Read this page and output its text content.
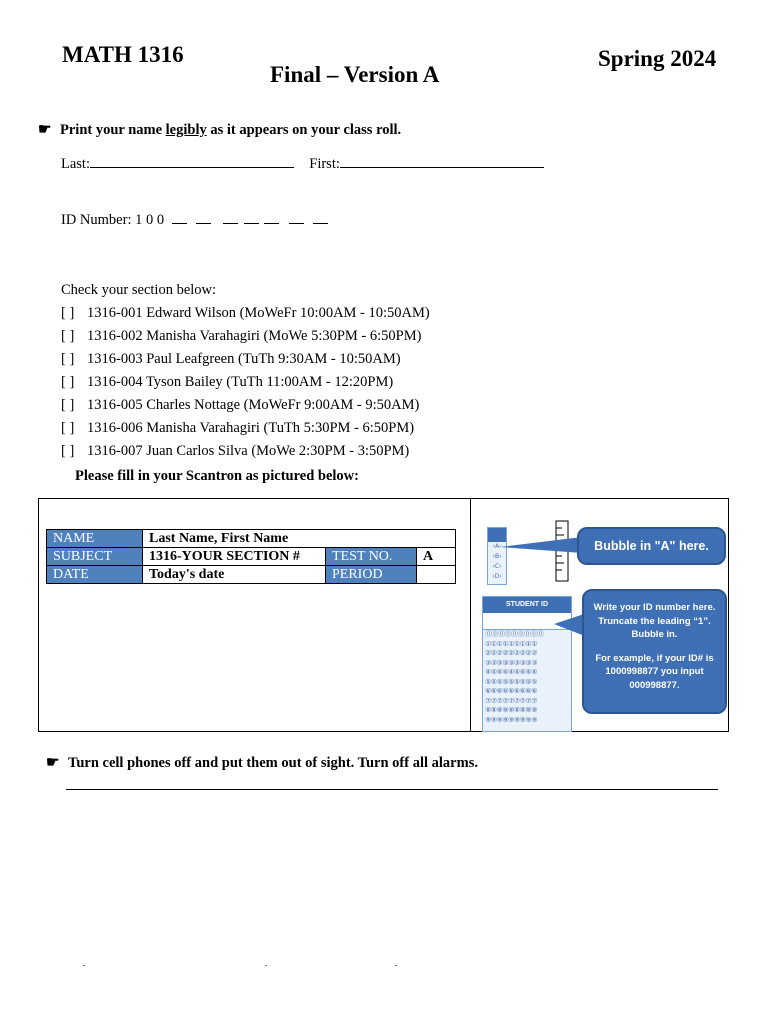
MATH 1316
Final – Version A
Spring 2024
☛ Print your name legibly as it appears on your class roll.
Last:	First:
ID Number: 1 0 0
Check your section below:
[ ] 1316-001 Edward Wilson (MoWeFr 10:00AM - 10:50AM)
[ ] 1316-002 Manisha Varahagiri (MoWe 5:30PM - 6:50PM)
[ ] 1316-003 Paul Leafgreen (TuTh 9:30AM - 10:50AM)
[ ] 1316-004 Tyson Bailey (TuTh 11:00AM - 12:20PM)
[ ] 1316-005 Charles Nottage (MoWeFr 9:00AM - 9:50AM)
[ ] 1316-006 Manisha Varahagiri (TuTh 5:30PM - 6:50PM)
[ ] 1316-007 Juan Carlos Silva (MoWe 2:30PM - 3:50PM)
Please fill in your Scantron as pictured below:
NAME	Last Name, First Name		
SUBJECT	1316-YOUR SECTION #	TEST NO.	A
DATE	Today's date	PERIOD	
‹A›
‹B›
‹C›
‹D›
Bubble in "A" here.
STUDENT ID
⓪⓪⓪⓪⓪⓪⓪⓪⓪
①①①①①①①①①
②②②②②②②②②
③③③③③③③③③
④④④④④④④④④
⑤⑤⑤⑤⑤⑤⑤⑤⑤
⑥⑥⑥⑥⑥⑥⑥⑥⑥
⑦⑦⑦⑦⑦⑦⑦⑦⑦
⑧⑧⑧⑧⑧⑧⑧⑧⑧
⑨⑨⑨⑨⑨⑨⑨⑨⑨
Write your ID number here. Truncate the leading “1”. Bubble in.
For example, if your ID# is 1000998877 you input 000998877.
☛ Turn cell phones off and put them out of sight. Turn off all alarms.
